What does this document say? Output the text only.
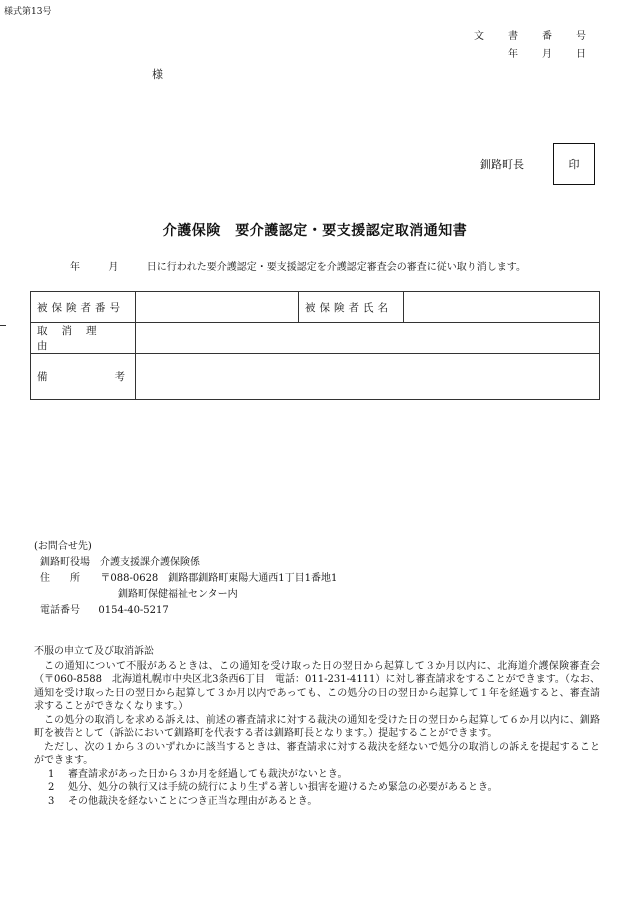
様式第13号
文	書	番	号
年	月	日
様
釧路町長	印
介護保険　要介護認定・要支援認定取消通知書
年	月	日に行われた要介護認定・要支援認定を介護認定審査会の審査に従い取り消します。
被保険者番号		被保険者氏名	
取消理由			

備 考			

(お問合せ先)
釧路町役場　介護支援課介護保険係
住　　所 〒088-0628　釧路郡釧路町東陽大通西1丁目1番地1
釧路町保健福祉センター内
電話番号 0154-40-5217

不服の申立て及び取消訴訟

この通知について不服があるときは、この通知を受け取った日の翌日から起算して３か月以内に、北海道介護保険審査会（〒060-8588　北海道札幌市中央区北3条西6丁目　電話：011-231-4111）に対し審査請求をすることができます。（なお、通知を受け取った日の翌日から起算して３か月以内であっても、この処分の日の翌日から起算して１年を経過すると、審査請求することができなくなります。）

この処分の取消しを求める訴えは、前述の審査請求に対する裁決の通知を受けた日の翌日から起算して６か月以内に、釧路町を被告として（訴訟において釧路町を代表する者は釧路町長となります。）提起することができます。

ただし、次の１から３のいずれかに該当するときは、審査請求に対する裁決を経ないで処分の取消しの訴えを提起することができます。

1 審査請求があった日から３か月を経過しても裁決がないとき。
2 処分、処分の執行又は手続の続行により生ずる著しい損害を避けるため緊急の必要があるとき。
3 その他裁決を経ないことにつき正当な理由があるとき。
